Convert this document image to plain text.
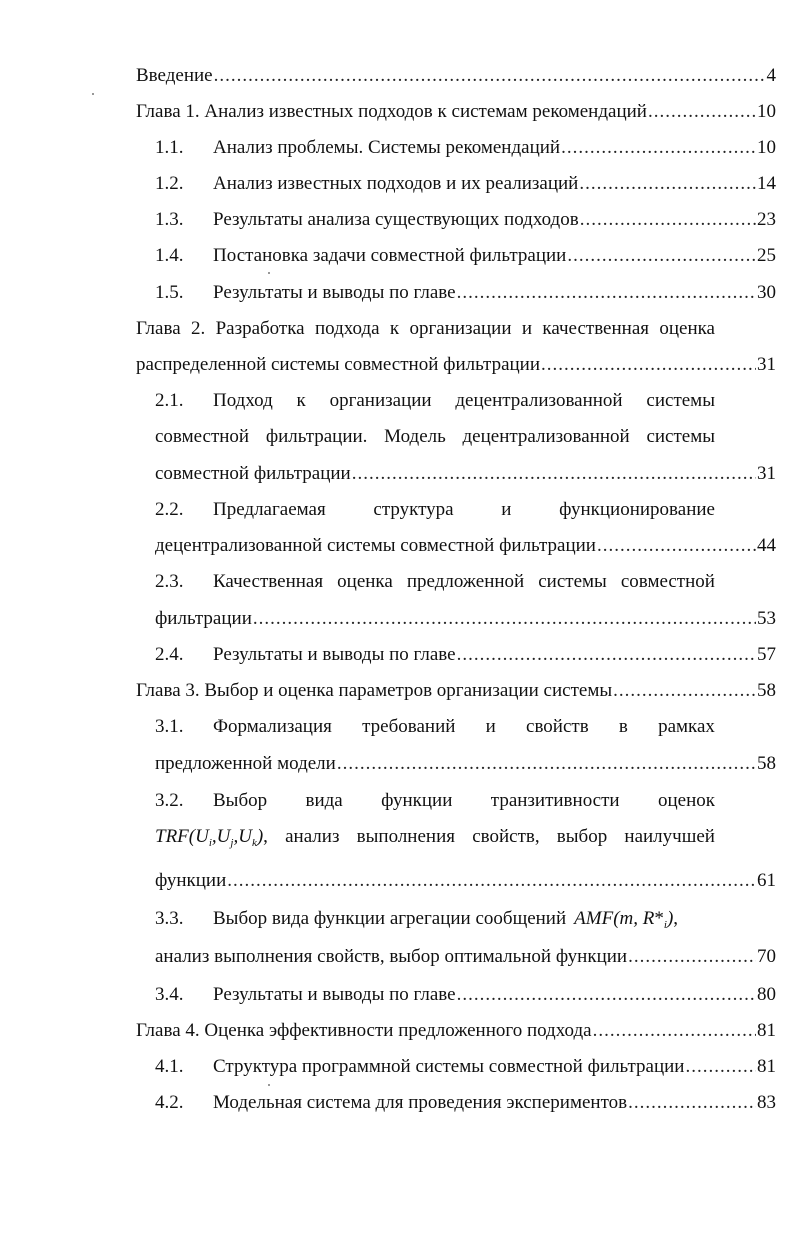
Введение .....	4
Глава 1. Анализ известных подходов к системам рекомендаций .....	10
1.1.	Анализ проблемы. Системы рекомендаций .....	10
1.2.	Анализ известных подходов и их реализаций .....	14
1.3.	Результаты анализа существующих подходов .....	23
1.4.	Постановка задачи совместной фильтрации .....	25
1.5.	Результаты и выводы по главе .....	30
Глава 2. Разработка подхода к организации и качественная оценка
распределенной системы совместной фильтрации .....	31
2.1.	Подход к организации децентрализованной системы
совместной фильтрации. Модель децентрализованной системы
совместной фильтрации .....	31
2.2.	Предлагаемая	структура	и	функционирование
децентрализованной системы совместной фильтрации .....	44
2.3.	Качественная оценка предложенной системы совместной
фильтрации .....	53
2.4.	Результаты и выводы по главе .....	57
Глава 3. Выбор и оценка параметров организации системы .....	58
3.1.	Формализация требований и свойств в рамках
предложенной модели .....	58
3.2.	Выбор вида функции транзитивности оценок
$TRF(U_i,U_j,U_k)$, анализ выполнения свойств, выбор наилучшей
функции .....	61
3.3.	Выбор вида функции агрегации сообщений AMF(m, $R*_i$),
анализ выполнения свойств, выбор оптимальной функции .....	70
3.4.	Результаты и выводы по главе .....	80
Глава 4. Оценка эффективности предложенного подхода .....	81
4.1.	Структура программной системы совместной фильтрации .....	81
4.2.	Модельная система для проведения экспериментов .....	83
